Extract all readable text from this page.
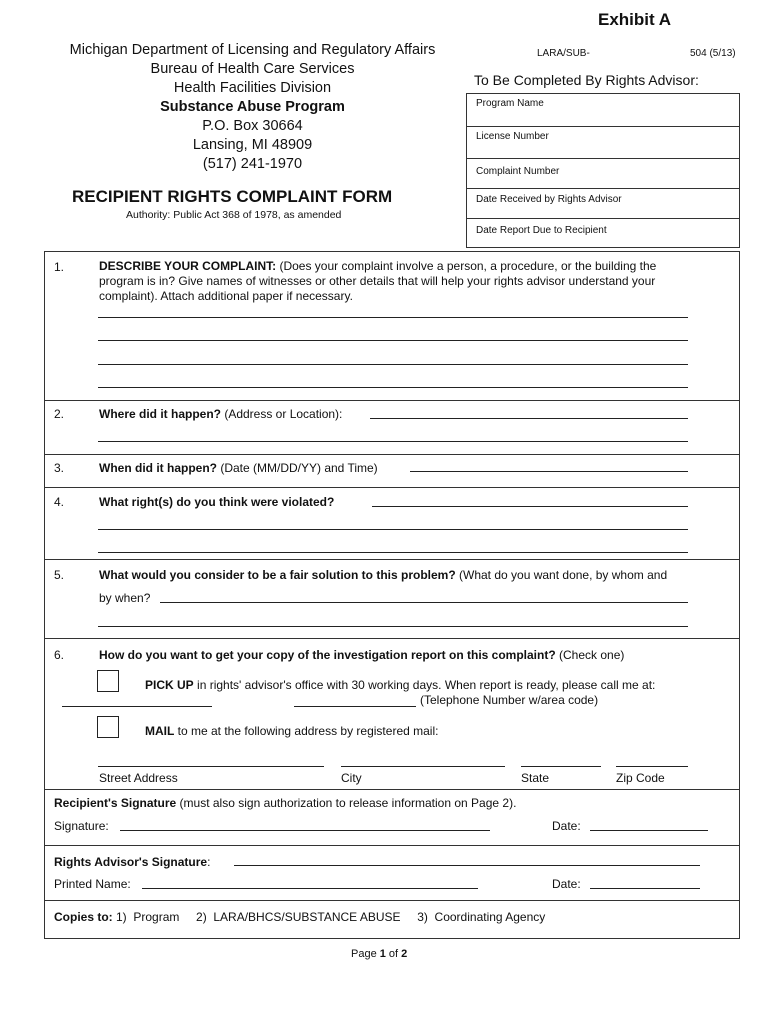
Exhibit A
Michigan Department of Licensing and Regulatory Affairs
Bureau of Health Care Services
Health Facilities Division
Substance Abuse Program
P.O. Box 30664
Lansing, MI 48909
(517) 241-1970
LARA/SUB-	504 (5/13)
To Be Completed By Rights Advisor:
Program Name
License Number
Complaint Number
Date Received by Rights Advisor
Date Report Due to Recipient
RECIPIENT RIGHTS COMPLAINT FORM
Authority: Public Act 368 of 1978, as amended
1.	DESCRIBE YOUR COMPLAINT: (Does your complaint involve a person, a procedure, or the building the
program is in? Give names of witnesses or other details that will help your rights advisor understand your
complaint). Attach additional paper if necessary.
2.	Where did it happen? (Address or Location):
3.	When did it happen? (Date (MM/DD/YY) and Time)
4.	What right(s) do you think were violated?
5.	What would you consider to be a fair solution to this problem? (What do you want done, by whom and
by when?
6.	How do you want to get your copy of the investigation report on this complaint? (Check one)
PICK UP in rights' advisor's office with 30 working days. When report is ready, please call me at:
(Telephone Number w/area code)
MAIL to me at the following address by registered mail:
Street Address	City	State	Zip Code
Recipient's Signature (must also sign authorization to release information on Page 2).
Signature:	Date:
Rights Advisor's Signature:
Printed Name:	Date:
Copies to: 1)  Program     2)  LARA/BHCS/SUBSTANCE ABUSE     3)  Coordinating Agency
Page 1 of 2
